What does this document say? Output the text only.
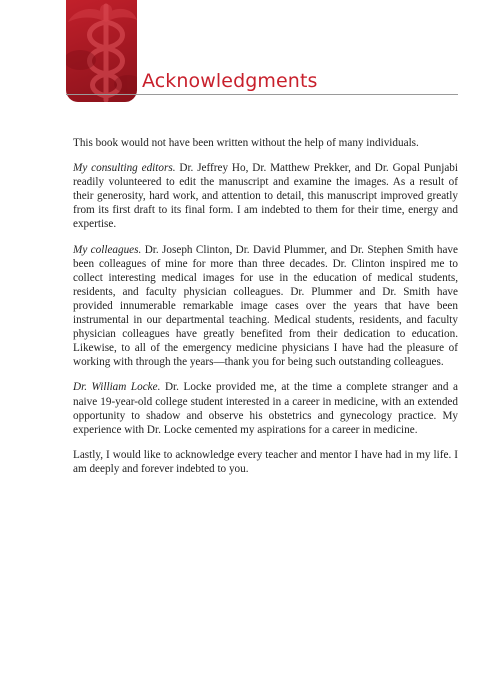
Acknowledgments

This book would not have been written without the help of many individuals.

My consulting editors. Dr. Jeffrey Ho, Dr. Matthew Prekker, and Dr. Gopal Punjabi readily volunteered to edit the manuscript and examine the images. As a result of their generosity, hard work, and attention to detail, this manuscript improved greatly from its first draft to its final form. I am indebted to them for their time, energy and expertise.

My colleagues. Dr. Joseph Clinton, Dr. David Plummer, and Dr. Stephen Smith have been colleagues of mine for more than three decades. Dr. Clinton inspired me to collect interesting medical images for use in the education of medical students, residents, and faculty physician colleagues. Dr. Plummer and Dr. Smith have provided innumerable remarkable image cases over the years that have been instrumental in our departmental teaching. Medical students, residents, and faculty physician colleagues have greatly benefited from their dedication to education. Likewise, to all of the emergency medicine physicians I have had the pleasure of working with through the years—thank you for being such outstanding colleagues.

Dr. William Locke. Dr. Locke provided me, at the time a complete stranger and a naive 19-year-old college student interested in a career in medicine, with an extended opportunity to shadow and observe his obstetrics and gynecology practice. My experience with Dr. Locke cemented my aspirations for a career in medicine.

Lastly, I would like to acknowledge every teacher and mentor I have had in my life. I am deeply and forever indebted to you.
